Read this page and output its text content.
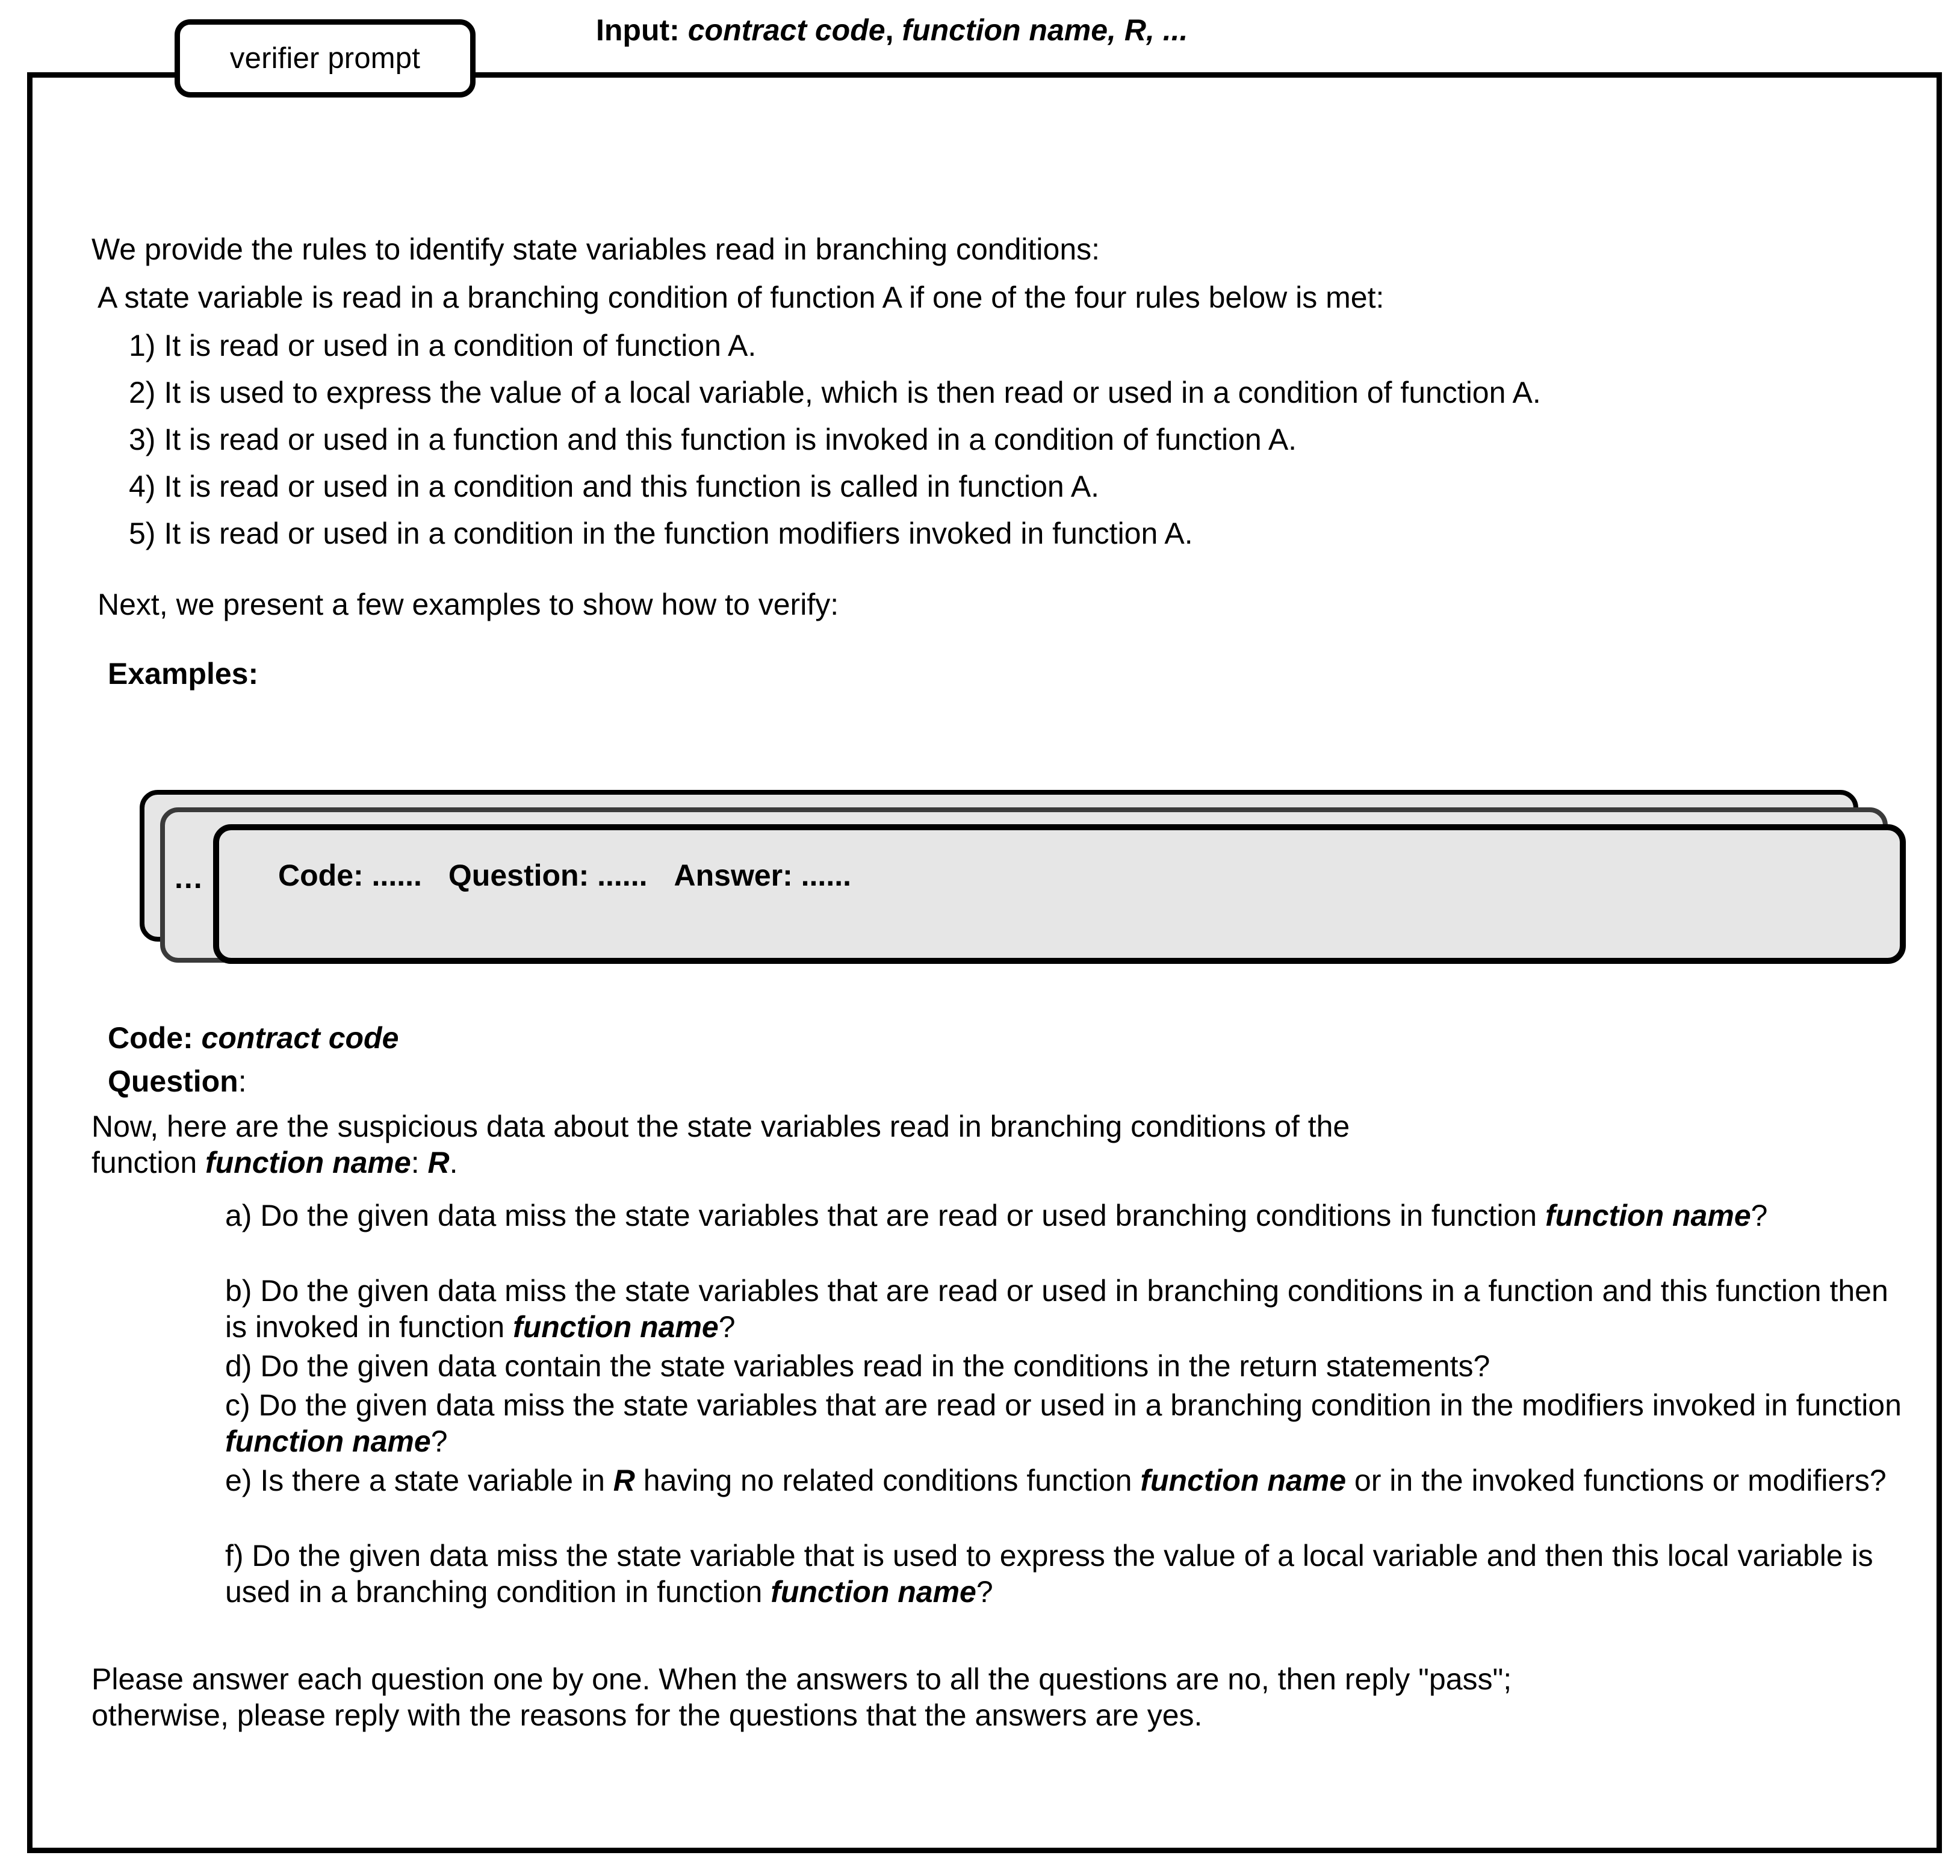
We provide the rules to identify state variables read in branching conditions:
A state variable is read in a branching condition of function A if one of the four rules below is met:
1) It is read or used in a condition of function A.
2) It is used to express the value of a local variable, which is then read or used in a condition of function A.
3) It is read or used in a function and this function is invoked in a condition of function A.
4) It is read or used in a condition and this function is called in function A.
5) It is read or used in a condition in the function modifiers invoked in function A.
Next, we present a few examples to show how to verify:
Examples:
... Code: ...... Question: ...... Answer: ......
Code: contract code
Question:
Now, here are the suspicious data about the state variables read in branching conditions of the
function function name: R.
a) Do the given data miss the state variables that are read or used branching conditions in function function name?
b) Do the given data miss the state variables that are read or used in branching conditions in a function and this function then is invoked in function function name?
d) Do the given data contain the state variables read in the conditions in the return statements?
c) Do the given data miss the state variables that are read or used in a branching condition in the modifiers invoked in function function name?
e) Is there a state variable in R having no related conditions function function name or in the invoked functions or modifiers?
f) Do the given data miss the state variable that is used to express the value of a local variable and then this local variable is used in a branching condition in function function name?
Please answer each question one by one. When the answers to all the questions are no, then reply "pass";
otherwise, please reply with the reasons for the questions that the answers are yes.
verifier prompt
Input: contract code, function name, R, ...
